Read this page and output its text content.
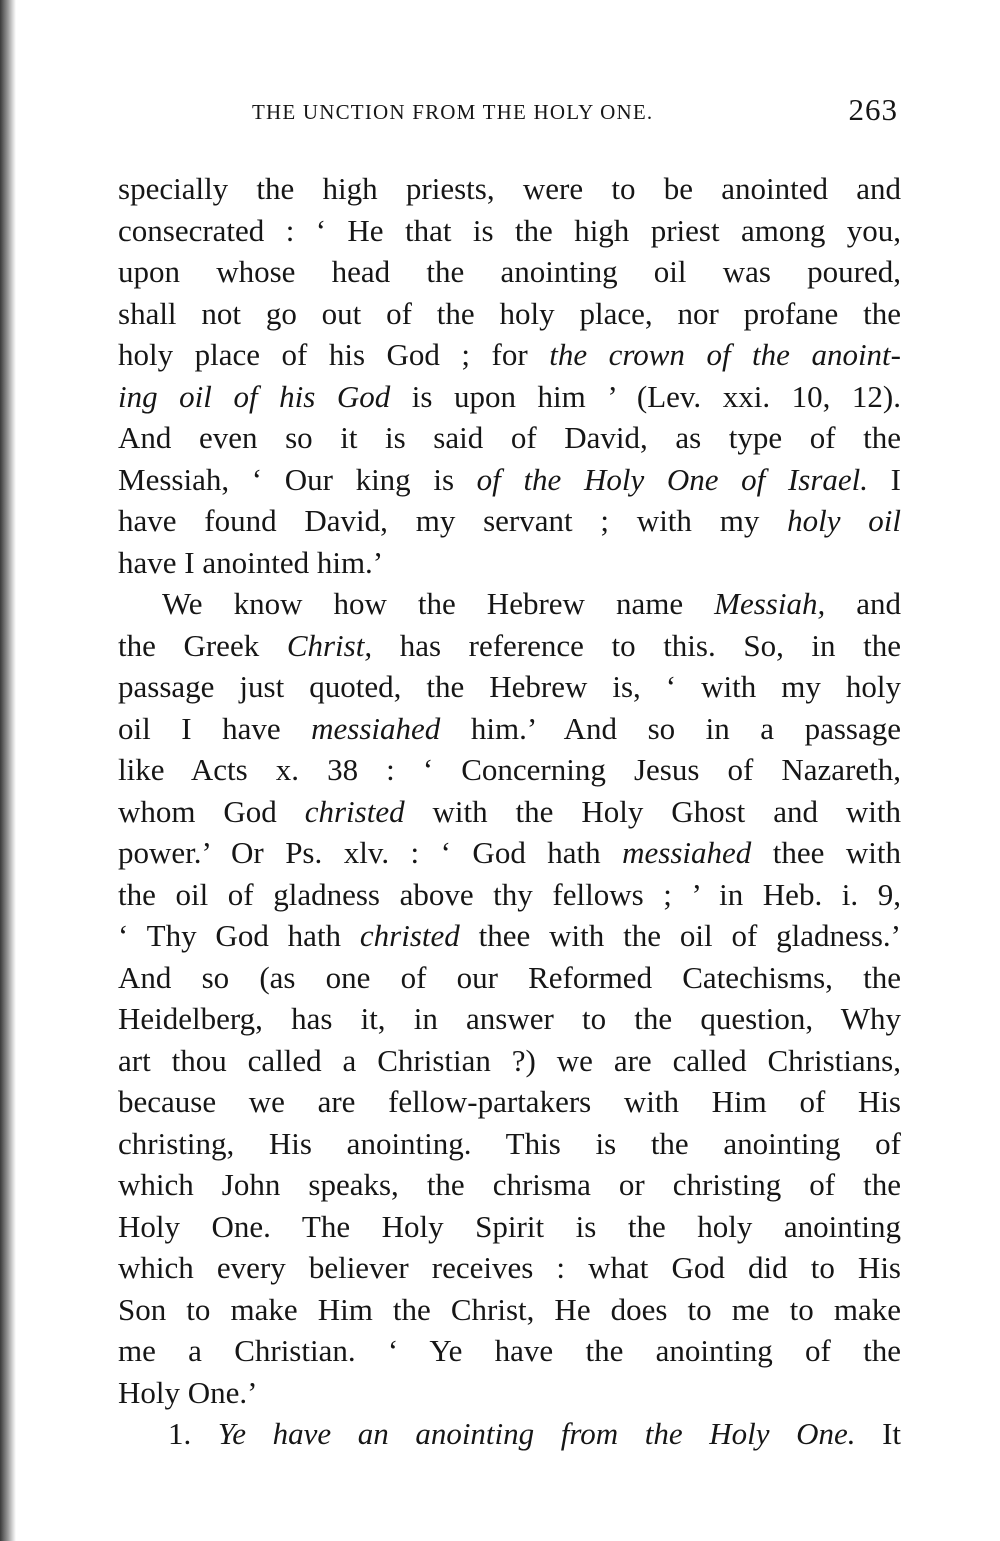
THE UNCTION FROM THE HOLY ONE.	263
specially the high priests, were to be anointed and
consecrated : ‘ He that is the high priest among you,
upon whose head the anointing oil was poured,
shall not go out of the holy place, nor profane the
holy place of his God ; for the crown of the anoint-
ing oil of his God is upon him ’ (Lev. xxi. 10, 12).
And even so it is said of David, as type of the
Messiah, ‘ Our king is of the Holy One of Israel. I
have found David, my servant ; with my holy oil
have I anointed him.’
We know how the Hebrew name Messiah, and
the Greek Christ, has reference to this. So, in the
passage just quoted, the Hebrew is, ‘ with my holy
oil I have messiahed him.’ And so in a passage
like Acts x. 38 : ‘ Concerning Jesus of Nazareth,
whom God christed with the Holy Ghost and with
power.’ Or Ps. xlv. : ‘ God hath messiahed thee with
the oil of gladness above thy fellows ; ’ in Heb. i. 9,
‘ Thy God hath christed thee with the oil of gladness.’
And so (as one of our Reformed Catechisms, the
Heidelberg, has it, in answer to the question, Why
art thou called a Christian ?) we are called Christians,
because we are fellow-partakers with Him of His
christing, His anointing. This is the anointing of
which John speaks, the chrisma or christing of the
Holy One. The Holy Spirit is the holy anointing
which every believer receives : what God did to His
Son to make Him the Christ, He does to me to make
me a Christian. ‘ Ye have the anointing of the
Holy One.’
1. Ye have an anointing from the Holy One. It
